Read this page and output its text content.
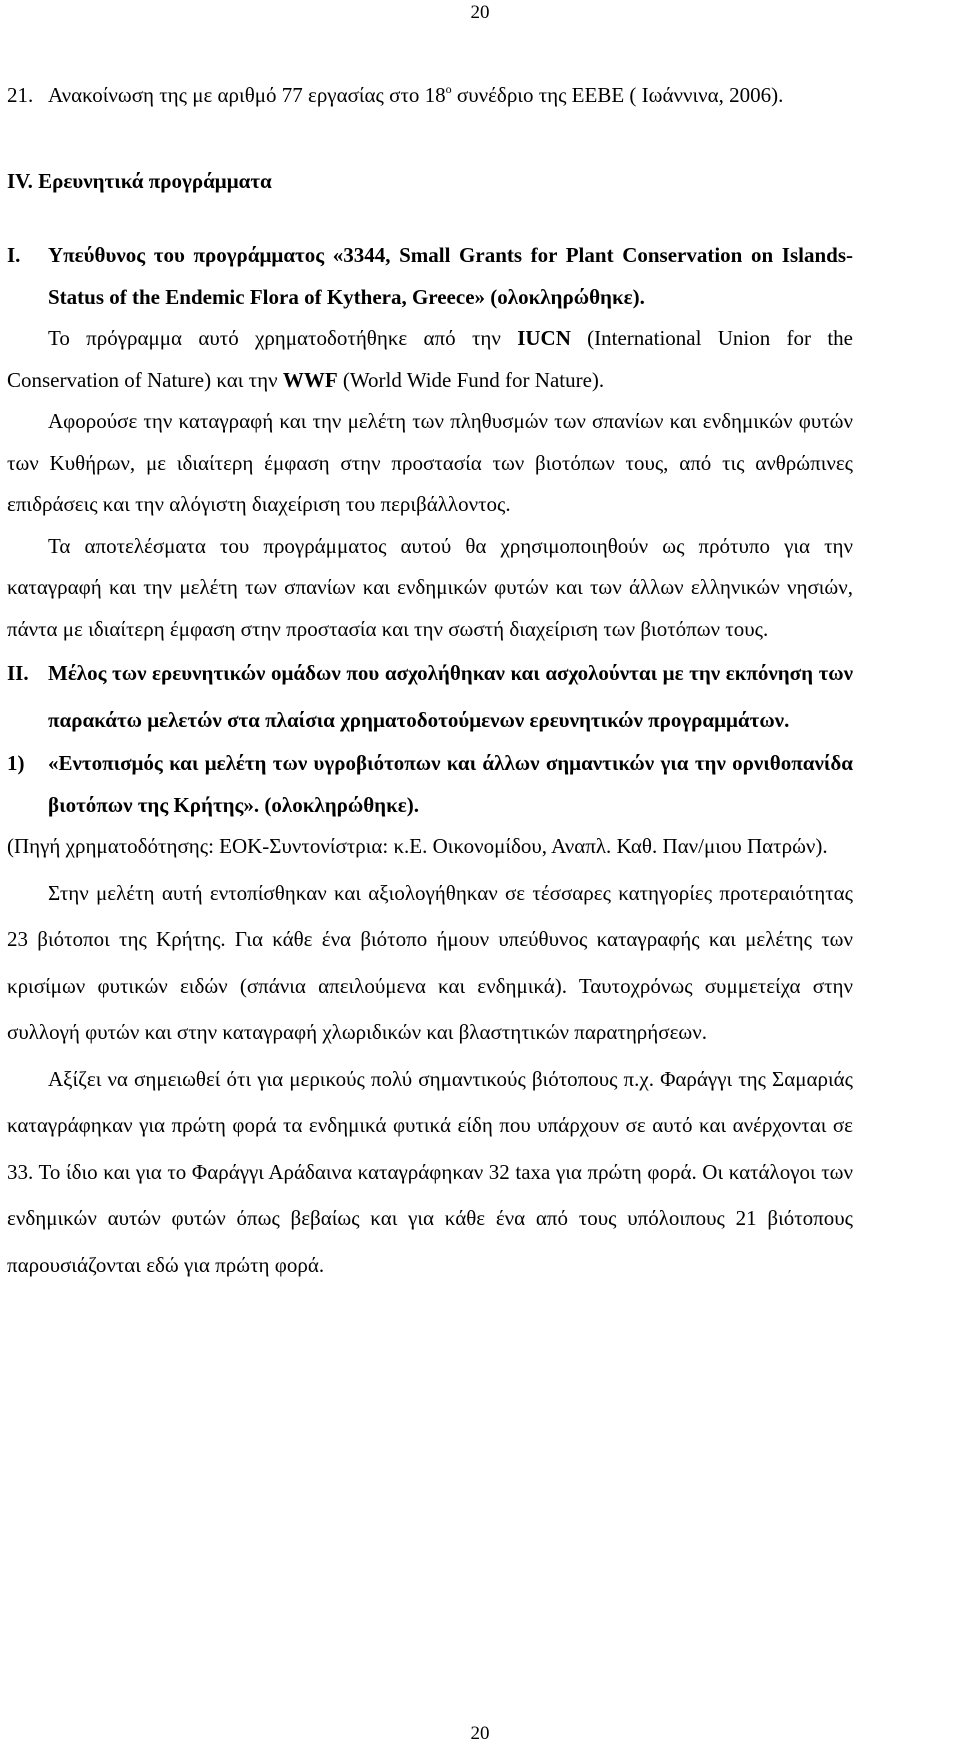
20

21. Ανακοίνωση της με αριθμό 77 εργασίας στο $18^o$ συνέδριο της ΕΕΒΕ ( Ιωάννινα, 2006).

IV. Ερευνητικά προγράμματα

I. Υπεύθυνος του προγράμματος «3344, Small Grants for Plant Conservation on Islands-Status of the Endemic Flora of Kythera, Greece» (ολοκληρώθηκε).

Το πρόγραμμα αυτό χρηματοδοτήθηκε από την IUCN (International Union for the Conservation of Nature) και την WWF (World Wide Fund for Nature).

Αφορούσε την καταγραφή και την μελέτη των πληθυσμών των σπανίων και ενδημικών φυτών των Κυθήρων, με ιδιαίτερη έμφαση στην προστασία των βιοτόπων τους, από τις ανθρώπινες επιδράσεις και την αλόγιστη διαχείριση του περιβάλλοντος.

Τα αποτελέσματα του προγράμματος αυτού θα χρησιμοποιηθούν ως πρότυπο για την καταγραφή και την μελέτη των σπανίων και ενδημικών φυτών και των άλλων ελληνικών νησιών, πάντα με ιδιαίτερη έμφαση στην προστασία και την σωστή διαχείριση των βιοτόπων τους.

II. Μέλος των ερευνητικών ομάδων που ασχολήθηκαν και ασχολούνται με την εκπόνηση των παρακάτω μελετών στα πλαίσια χρηματοδοτούμενων ερευνητικών προγραμμάτων.

1) «Εντοπισμός και μελέτη των υγροβιότοπων και άλλων σημαντικών για την ορνιθοπανίδα βιοτόπων της Κρήτης». (ολοκληρώθηκε).

(Πηγή χρηματοδότησης: ΕΟΚ-Συντονίστρια: κ.Ε. Οικονομίδου, Αναπλ. Καθ. Παν/μιου Πατρών).

Στην μελέτη αυτή εντοπίσθηκαν και αξιολογήθηκαν σε τέσσαρες κατηγορίες προτεραιότητας 23 βιότοποι της Κρήτης. Για κάθε ένα βιότοπο ήμουν υπεύθυνος καταγραφής και μελέτης των κρισίμων φυτικών ειδών (σπάνια απειλούμενα και ενδημικά). Ταυτοχρόνως συμμετείχα στην συλλογή φυτών και στην καταγραφή χλωριδικών και βλαστητικών παρατηρήσεων.

Αξίζει να σημειωθεί ότι για μερικούς πολύ σημαντικούς βιότοπους π.χ. Φαράγγι της Σαμαριάς καταγράφηκαν για πρώτη φορά τα ενδημικά φυτικά είδη που υπάρχουν σε αυτό και ανέρχονται σε 33. Το ίδιο και για το Φαράγγι Αράδαινα καταγράφηκαν 32 taxa για πρώτη φορά. Οι κατάλογοι των ενδημικών αυτών φυτών όπως βεβαίως και για κάθε ένα από τους υπόλοιπους 21 βιότοπους παρουσιάζονται εδώ για πρώτη φορά.

20
